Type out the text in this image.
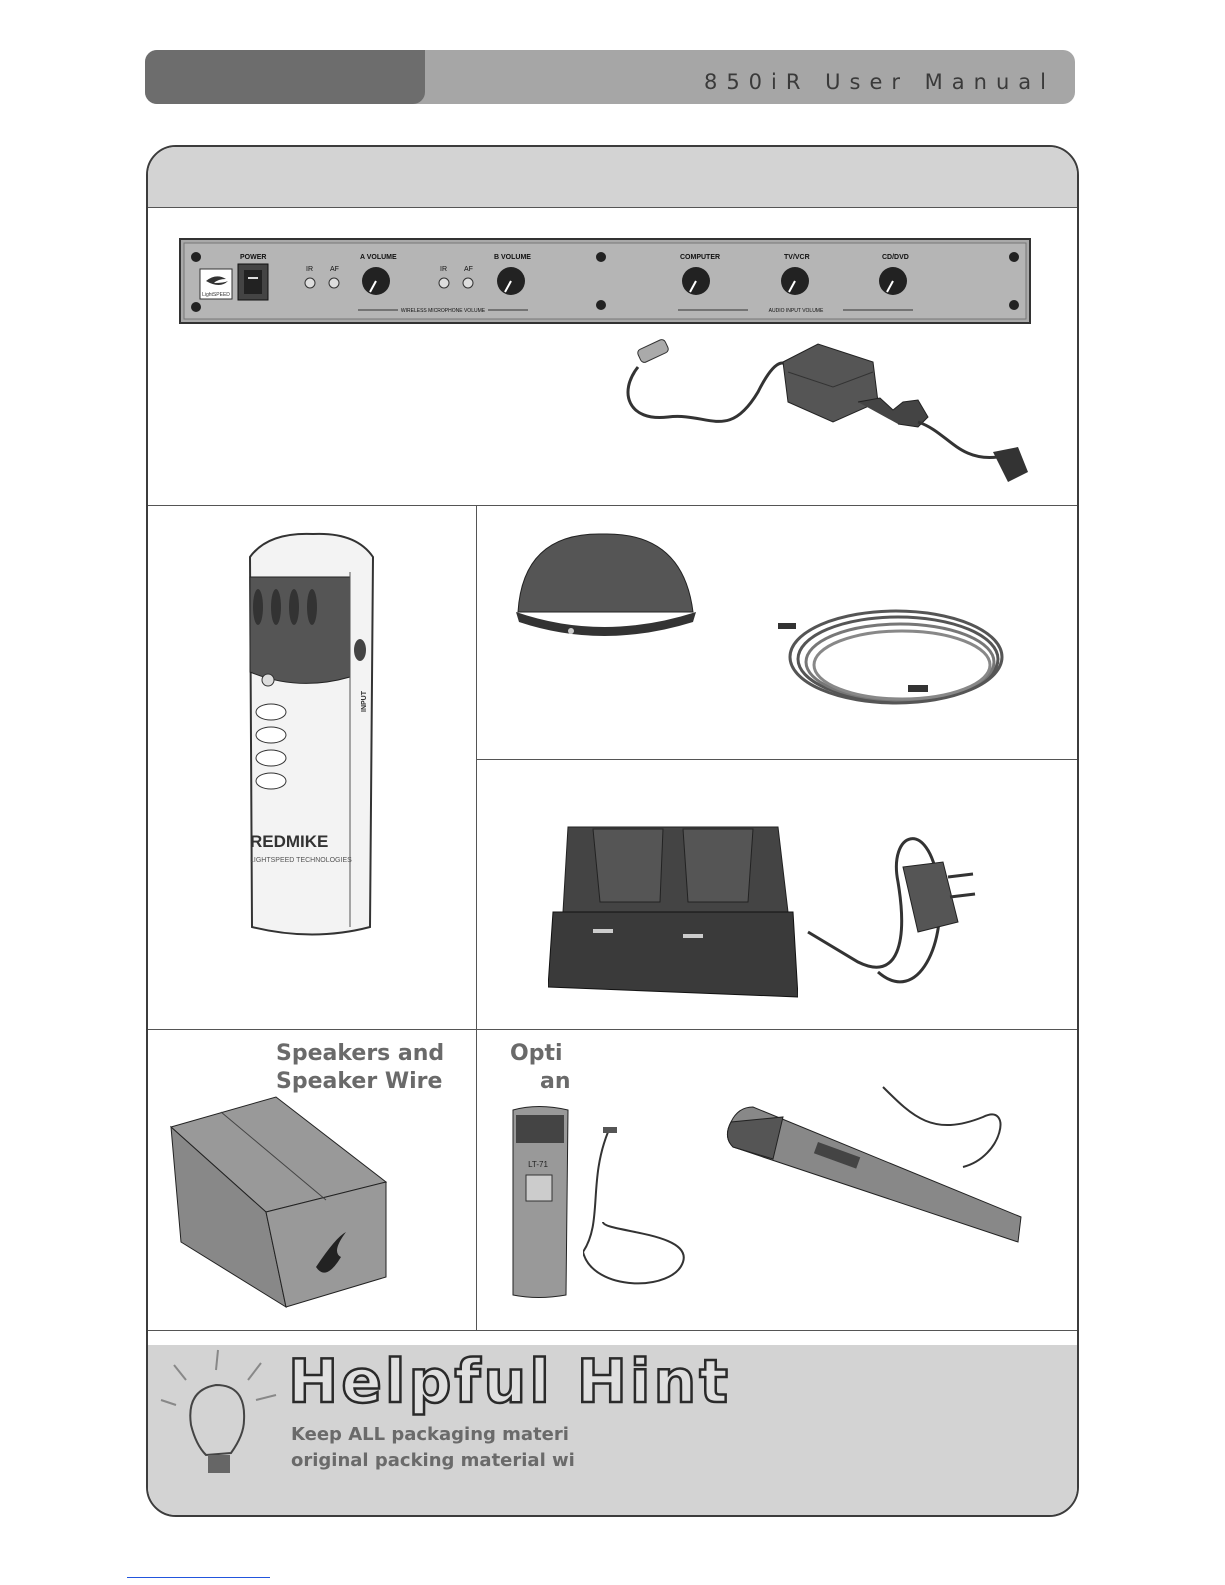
850iR User Manual
LightSPEED
POWER
IR AF
A VOLUME
IR AF
B VOLUME
WIRELESS MICROPHONE VOLUME
COMPUTER	TV/VCR	CD/DVD
AUDIO INPUT VOLUME
REDMIKE
LIGHTSPEED TECHNOLOGIES
INPUT
Speakers and
Speaker Wire
Opti
an
LT-71
Helpful Hint
Keep ALL packaging materi
original packing material wi
